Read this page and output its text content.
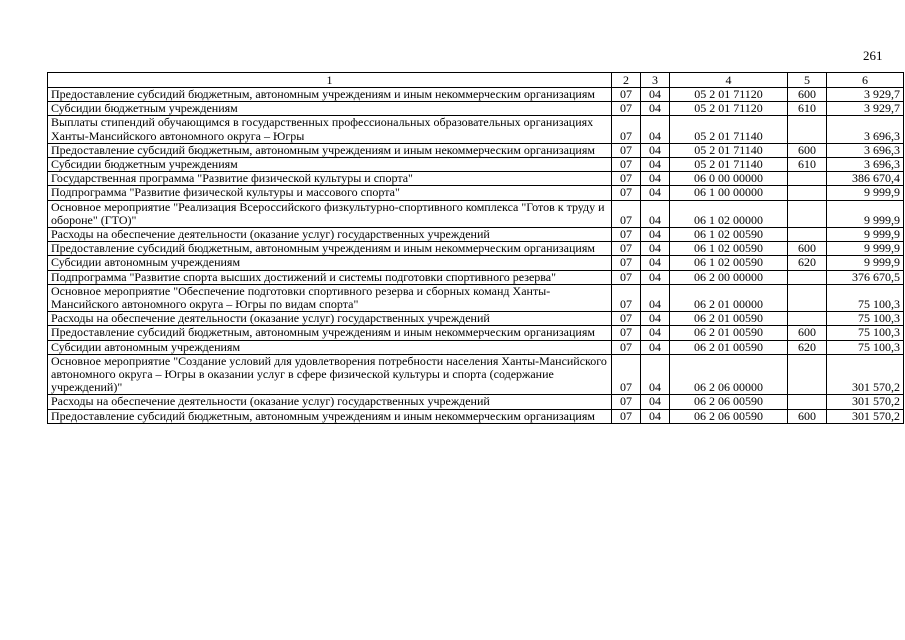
261
1	2	3	4	5	6
Предоставление субсидий бюджетным, автономным учреждениям и иным некоммерческим организациям	07	04	05 2 01 71120	600	3 929,7
Субсидии бюджетным учреждениям	07	04	05 2 01 71120	610	3 929,7
Выплаты стипендий обучающимся в государственных профессиональных образовательных организациях Ханты-Мансийского автономного округа – Югры	07	04	05 2 01 71140		3 696,3
Предоставление субсидий бюджетным, автономным учреждениям и иным некоммерческим организациям	07	04	05 2 01 71140	600	3 696,3
Субсидии бюджетным учреждениям	07	04	05 2 01 71140	610	3 696,3
Государственная программа "Развитие физической культуры и спорта"	07	04	06 0 00 00000		386 670,4
Подпрограмма "Развитие физической культуры и массового спорта"	07	04	06 1 00 00000		9 999,9
Основное мероприятие "Реализация Всероссийского физкультурно-спортивного комплекса "Готов к труду и обороне" (ГТО)"	07	04	06 1 02 00000		9 999,9
Расходы на обеспечение деятельности (оказание услуг) государственных учреждений	07	04	06 1 02 00590		9 999,9
Предоставление субсидий бюджетным, автономным учреждениям и иным некоммерческим организациям	07	04	06 1 02 00590	600	9 999,9
Субсидии автономным учреждениям	07	04	06 1 02 00590	620	9 999,9
Подпрограмма "Развитие спорта высших достижений и системы подготовки спортивного резерва"	07	04	06 2 00 00000		376 670,5
Основное мероприятие "Обеспечение подготовки спортивного резерва и сборных команд Ханты-Мансийского автономного округа – Югры по видам спорта"	07	04	06 2 01 00000		75 100,3
Расходы на обеспечение деятельности (оказание услуг) государственных учреждений	07	04	06 2 01 00590		75 100,3
Предоставление субсидий бюджетным, автономным учреждениям и иным некоммерческим организациям	07	04	06 2 01 00590	600	75 100,3
Субсидии автономным учреждениям	07	04	06 2 01 00590	620	75 100,3
Основное мероприятие "Создание условий для удовлетворения потребности населения Ханты-Мансийского автономного округа – Югры в оказании услуг в сфере физической культуры и спорта (содержание учреждений)"	07	04	06 2 06 00000		301 570,2
Расходы на обеспечение деятельности (оказание услуг) государственных учреждений	07	04	06 2 06 00590		301 570,2
Предоставление субсидий бюджетным, автономным учреждениям и иным некоммерческим организациям	07	04	06 2 06 00590	600	301 570,2
